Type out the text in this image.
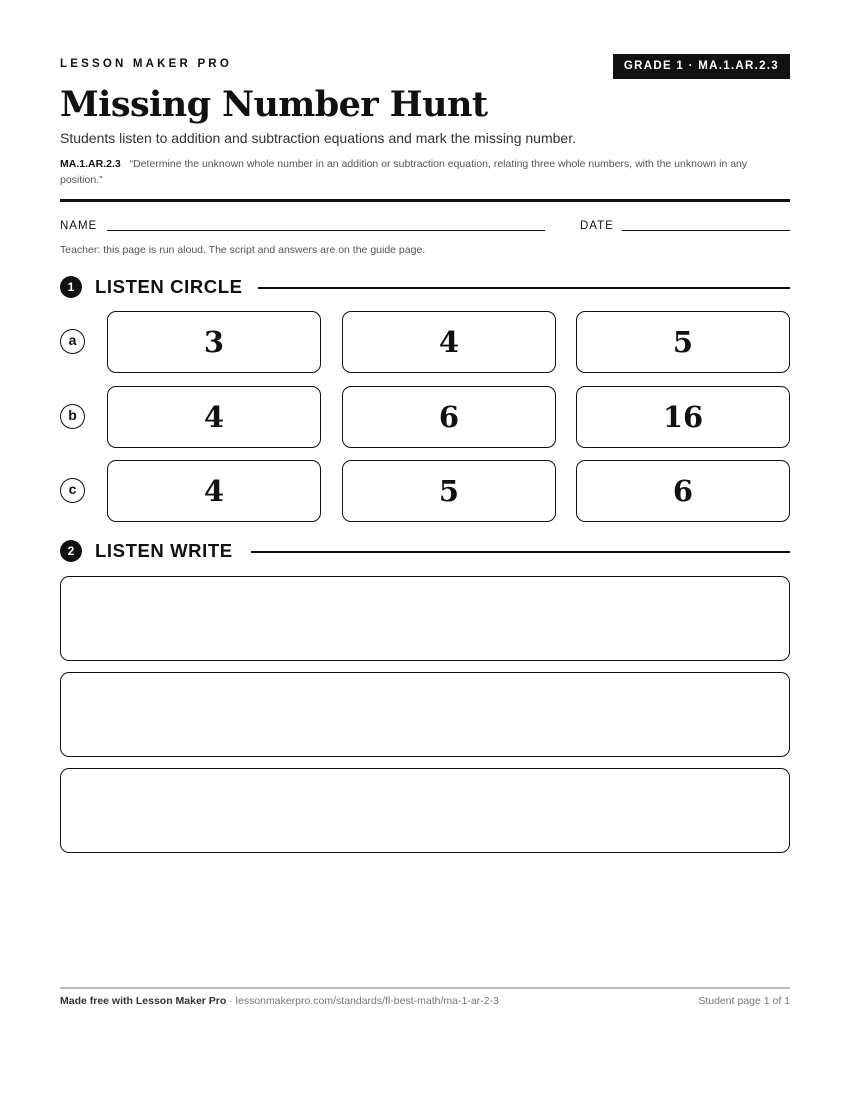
LESSON MAKER PRO	GRADE 1 · MA.1.AR.2.3
Missing Number Hunt
Students listen to addition and subtraction equations and mark the missing number.
MA.1.AR.2.3 “Determine the unknown whole number in an addition or subtraction equation, relating three whole numbers, with the unknown in any position.”
NAME	DATE
Teacher: this page is run aloud. The script and answers are on the guide page.
1	LISTEN CIRCLE
a	3	4	5
b	4	6	16
c	4	5	6
2	LISTEN WRITE
Made free with Lesson Maker Pro · lessonmakerpro.com/standards/fl-best-math/ma-1-ar-2-3	Student page 1 of 1
